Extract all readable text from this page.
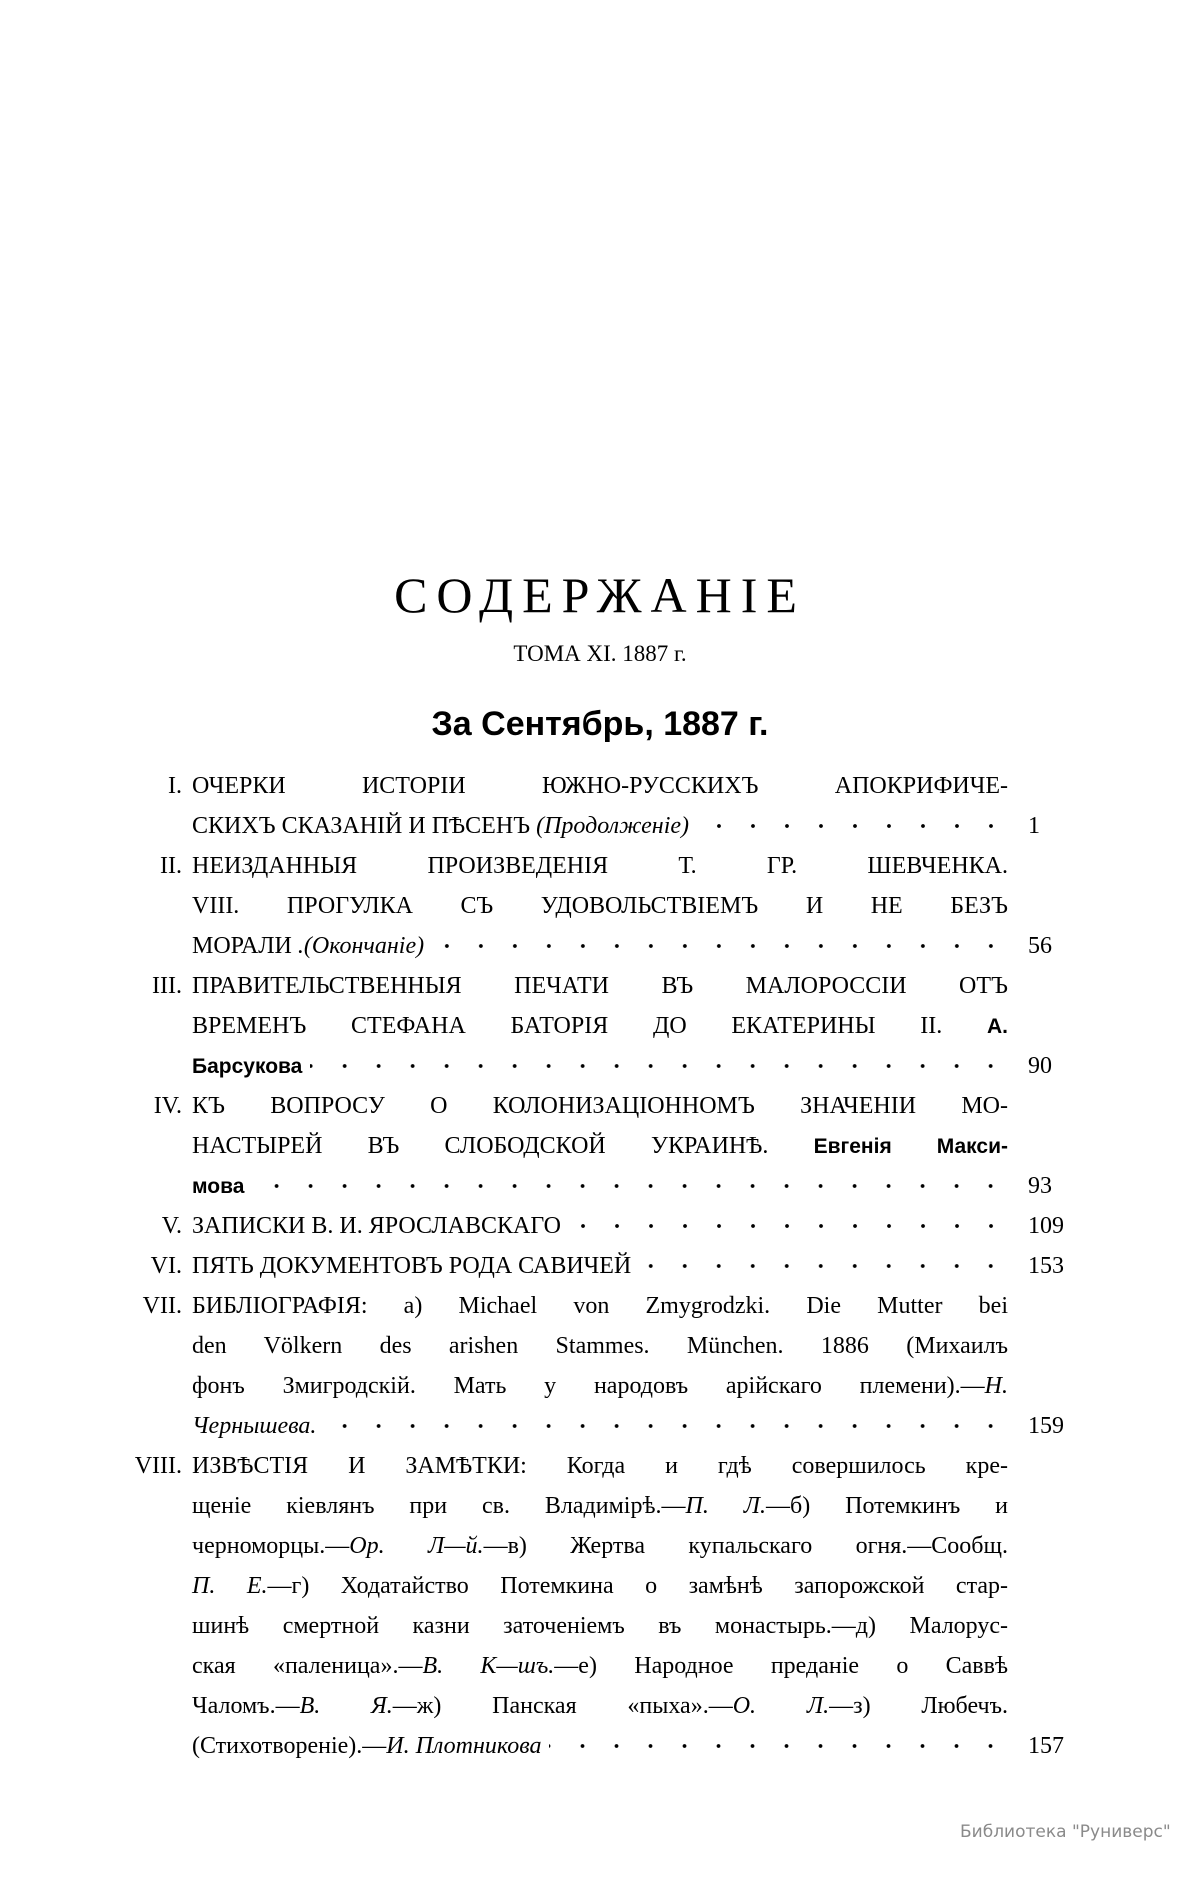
СОДЕРЖАНІЕ
ТОМА XI. 1887 г.
За Сентябрь, 1887 г.
I. ОЧЕРКИ ИСТОРІИ ЮЖНО-РУССКИХЪ АПОКРИФИЧЕ-
СКИХЪ СКАЗАНІЙ И ПѢСЕНЪ (Продолженіе)	1
II. НЕИЗДАННЫЯ ПРОИЗВЕДЕНІЯ Т. ГР. ШЕВЧЕНКА.
VIII. ПРОГУЛКА СЪ УДОВОЛЬСТВІЕМЪ И НЕ БЕЗЪ
МОРАЛИ .(Окончаніе)	56
III. ПРАВИТЕЛЬСТВЕННЫЯ ПЕЧАТИ ВЪ МАЛОРОССІИ ОТЪ
ВРЕМЕНЪ СТЕФАНА БАТОРІЯ ДО ЕКАТЕРИНЫ II. А.
Барсукова	90
IV. КЪ ВОПРОСУ О КОЛОНИЗАЦІОННОМЪ ЗНАЧЕНІИ МО-
НАСТЫРЕЙ ВЪ СЛОБОДСКОЙ УКРАИНѢ. Евгенія Макси-
мова	93
V. ЗАПИСКИ В. И. ЯРОСЛАВСКАГО	109
VI. ПЯТЬ ДОКУМЕНТОВЪ РОДА САВИЧЕЙ	153
VII. БИБЛІОГРАФІЯ: а) Michael von Zmygrodzki. Die Mutter bei
den Völkern des arishen Stammes. München. 1886 (Михаилъ
фонъ Змигродскій. Мать у народовъ арійскаго племени).—Н.
Чернышева.	159
VIII. ИЗВѢСТІЯ И ЗАМѢТКИ: Когда и гдѣ совершилось кре-
щеніе кіевлянъ при св. Владимірѣ.—П. Л.—б) Потемкинъ и
черноморцы.—Ор. Л—й.—в) Жертва купальскаго огня.—Сообщ.
П. Е.—г) Ходатайство Потемкина о замѣнѣ запорожской стар-
шинѣ смертной казни заточеніемъ въ монастырь.—д) Малорус-
ская «паленица».—В. К—шъ.—е) Народное преданіе о Саввѣ
Чаломъ.—В. Я.—ж) Панская «пыха».—О. Л.—з) Любечъ.
(Стихотвореніе).—И. Плотникова	157
Библиотека "Руниверс"
